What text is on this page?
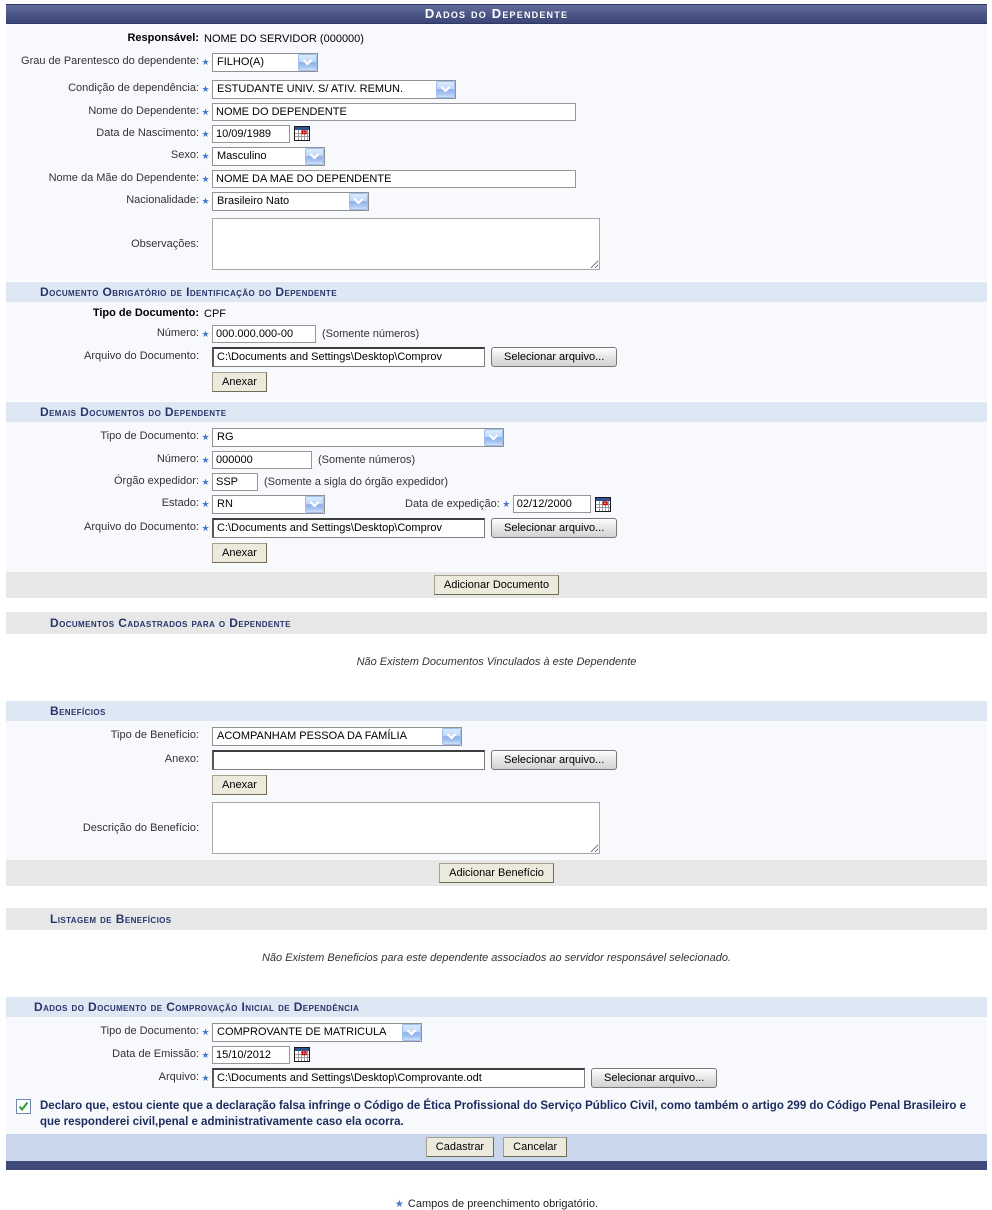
Dados do Dependente
Responsável: NOME DO SERVIDOR (000000)
Grau de Parentesco do dependente: ★ FILHO(A)
Condição de dependência: ★ ESTUDANTE UNIV. S/ ATIV. REMUN.
Nome do Dependente: ★
NOME DO DEPENDENTE
Data de Nascimento: ★
10/09/1989
Sexo: ★ Masculino
Nome da Mãe do Dependente: ★
NOME DA MAE DO DEPENDENTE
Nacionalidade: ★ Brasileiro Nato
Observações:
Documento Obrigatório de Identificação do Dependente
Tipo de Documento: CPF
Número: ★
000.000.000-00	(Somente números)
Arquivo do Documento:
C:\Documents and Settings\Desktop\Comprov	Selecionar arquivo...
Anexar
Demais Documentos do Dependente
Tipo de Documento: ★ RG
Número: ★
000000	(Somente números)
Órgão expedidor: ★
SSP	(Somente a sigla do órgão expedidor)
Estado: ★ RN	Data de expedição: ★
02/12/2000
Arquivo do Documento: ★
C:\Documents and Settings\Desktop\Comprov	Selecionar arquivo...
Anexar
Adicionar Documento
Documentos Cadastrados para o Dependente
Não Existem Documentos Vinculados à este Dependente
Benefícios
Tipo de Benefício:	ACOMPANHAM PESSOA DA FAMÍLIA
Anexo:	Selecionar arquivo...
Anexar
Descrição do Benefício:
Adicionar Benefício
Listagem de Benefícios
Não Existem Beneficios para este dependente associados ao servidor responsável selecionado.
Dados do Documento de Comprovação Inicial de Dependência
Tipo de Documento: ★ COMPROVANTE DE MATRICULA
Data de Emissão: ★
15/10/2012
Arquivo: ★
C:\Documents and Settings\Desktop\Comprovante.odt	Selecionar arquivo...
Declaro que, estou ciente que a declaração falsa infringe o Código de Ética Profissional do Serviço Público Civil, como também o artigo 299 do Código Penal Brasileiro e que responderei civil,penal e administrativamente caso ela ocorra.
Cadastrar	Cancelar
★ Campos de preenchimento obrigatório.
